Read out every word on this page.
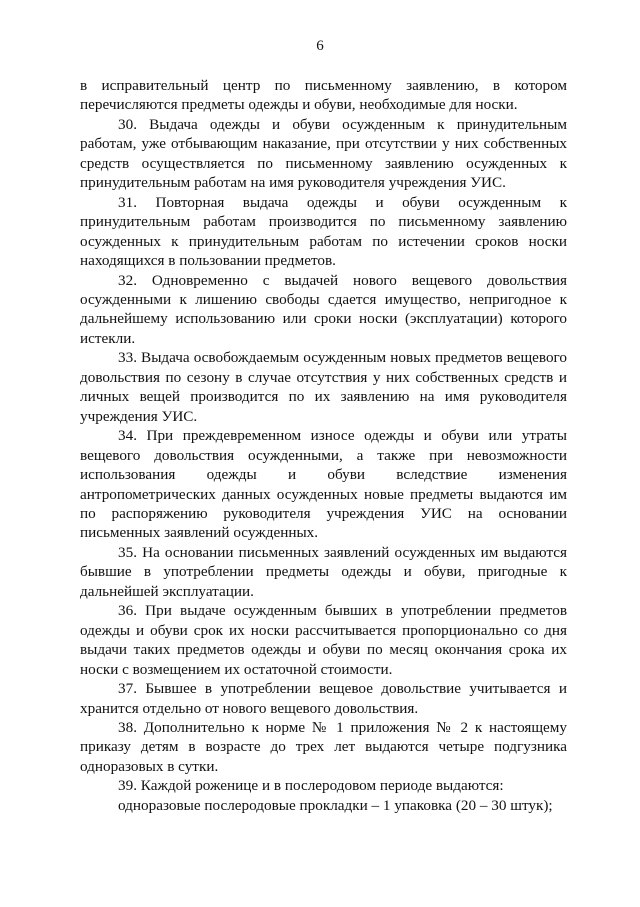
6

в исправительный центр по письменному заявлению, в котором перечисляются предметы одежды и обуви, необходимые для носки.

30. Выдача одежды и обуви осужденным к принудительным работам, уже отбывающим наказание, при отсутствии у них собственных средств осуществляется по письменному заявлению осужденных к принудительным работам на имя руководителя учреждения УИС.

31. Повторная выдача одежды и обуви осужденным к принудительным работам производится по письменному заявлению осужденных к принудительным работам по истечении сроков носки находящихся в пользовании предметов.

32. Одновременно с выдачей нового вещевого довольствия осужденными к лишению свободы сдается имущество, непригодное к дальнейшему использованию или сроки носки (эксплуатации) которого истекли.

33. Выдача освобождаемым осужденным новых предметов вещевого довольствия по сезону в случае отсутствия у них собственных средств и личных вещей производится по их заявлению на имя руководителя учреждения УИС.

34. При преждевременном износе одежды и обуви или утраты вещевого довольствия осужденными, а также при невозможности использования одежды и обуви вследствие изменения антропометрических данных осужденных новые предметы выдаются им по распоряжению руководителя учреждения УИС на основании письменных заявлений осужденных.

35. На основании письменных заявлений осужденных им выдаются бывшие в употреблении предметы одежды и обуви, пригодные к дальнейшей эксплуатации.

36. При выдаче осужденным бывших в употреблении предметов одежды и обуви срок их носки рассчитывается пропорционально со дня выдачи таких предметов одежды и обуви по месяц окончания срока их носки с возмещением их остаточной стоимости.

37. Бывшее в употреблении вещевое довольствие учитывается и хранится отдельно от нового вещевого довольствия.

38. Дополнительно к норме № 1 приложения № 2 к настоящему приказу детям в возрасте до трех лет выдаются четыре подгузника одноразовых в сутки.

39. Каждой роженице и в послеродовом периоде выдаются:

одноразовые послеродовые прокладки – 1 упаковка (20 – 30 штук);
